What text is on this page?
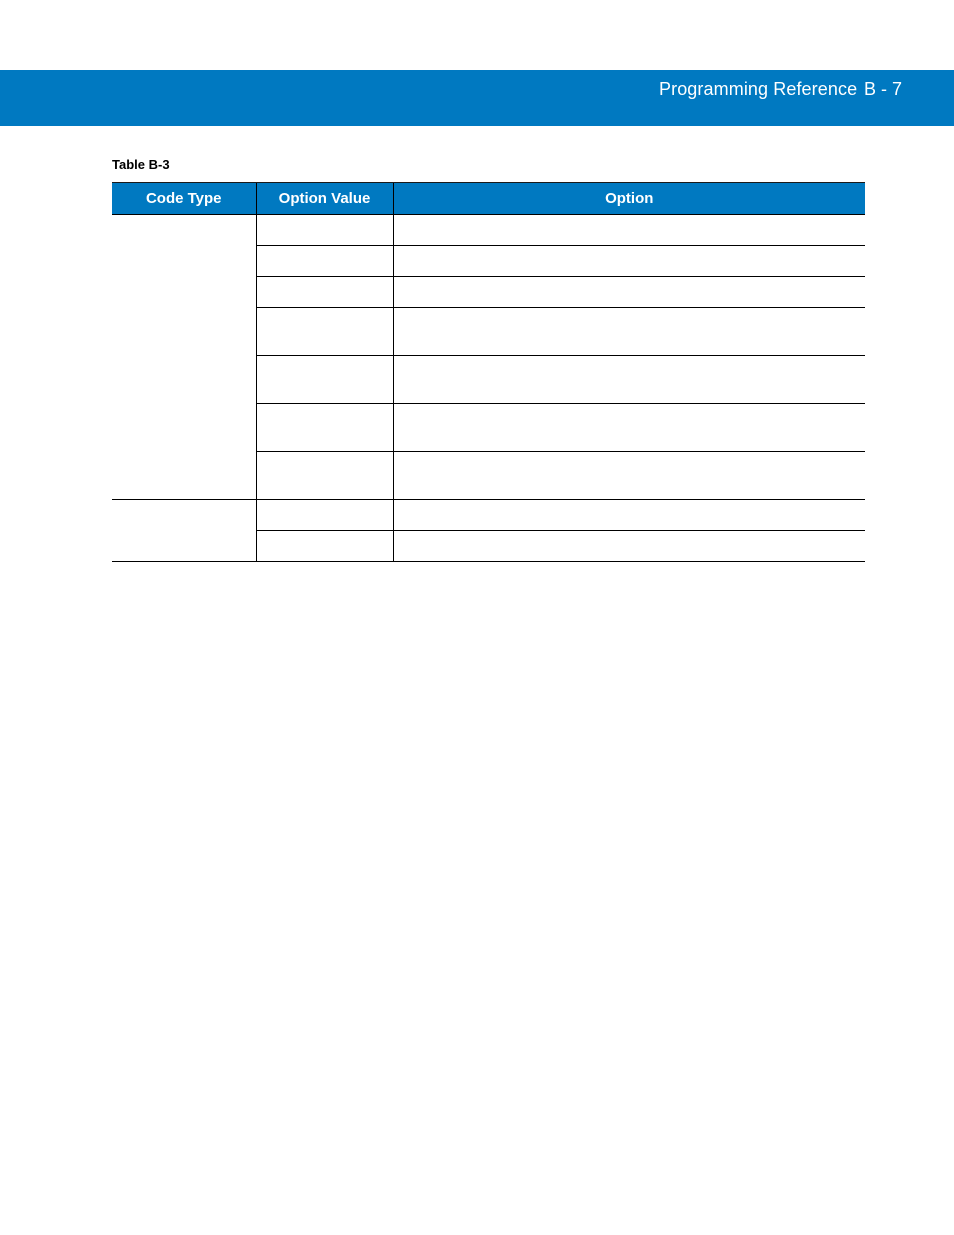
Programming Reference B - 7
Table B-3
Code Type	Option Value	Option
